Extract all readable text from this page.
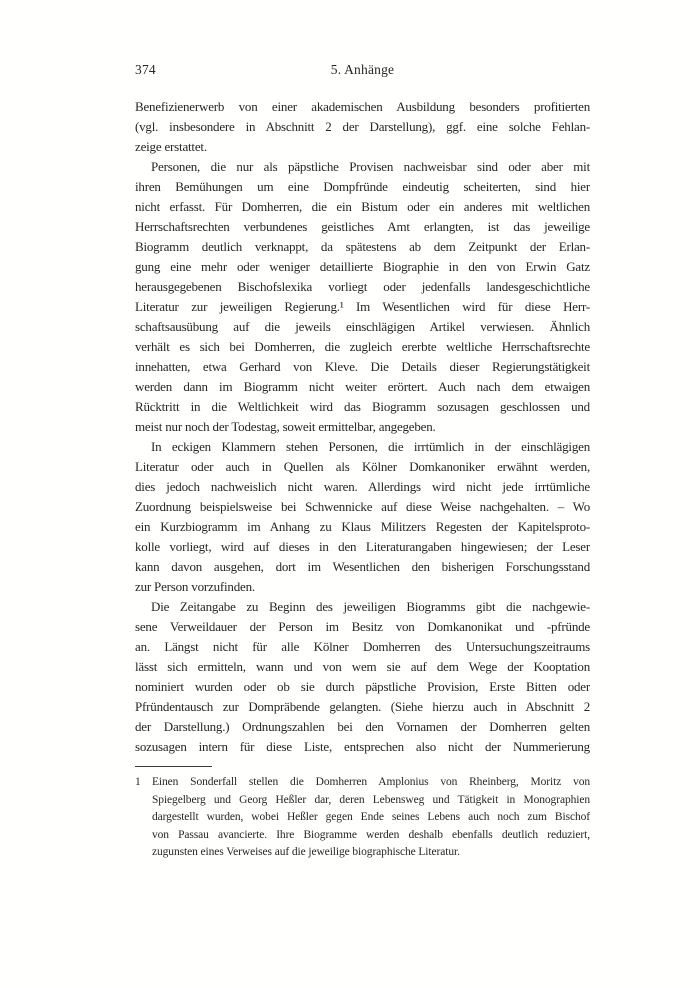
374	5. Anhänge
Benefizienerwerb von einer akademischen Ausbildung besonders profitierten
(vgl. insbesondere in Abschnitt 2 der Darstellung), ggf. eine solche Fehlan-
zeige erstattet.
Personen, die nur als päpstliche Provisen nachweisbar sind oder aber mit
ihren Bemühungen um eine Dompfründe eindeutig scheiterten, sind hier
nicht erfasst. Für Domherren, die ein Bistum oder ein anderes mit weltlichen
Herrschaftsrechten verbundenes geistliches Amt erlangten, ist das jeweilige
Biogramm deutlich verknappt, da spätestens ab dem Zeitpunkt der Erlan-
gung eine mehr oder weniger detaillierte Biographie in den von Erwin Gatz
herausgegebenen Bischofslexika vorliegt oder jedenfalls landesgeschichtliche
Literatur zur jeweiligen Regierung.¹ Im Wesentlichen wird für diese Herr-
schaftsausübung auf die jeweils einschlägigen Artikel verwiesen. Ähnlich
verhält es sich bei Domherren, die zugleich ererbte weltliche Herrschaftsrechte
innehatten, etwa Gerhard von Kleve. Die Details dieser Regierungstätigkeit
werden dann im Biogramm nicht weiter erörtert. Auch nach dem etwaigen
Rücktritt in die Weltlichkeit wird das Biogramm sozusagen geschlossen und
meist nur noch der Todestag, soweit ermittelbar, angegeben.
In eckigen Klammern stehen Personen, die irrtümlich in der einschlägigen
Literatur oder auch in Quellen als Kölner Domkanoniker erwähnt werden,
dies jedoch nachweislich nicht waren. Allerdings wird nicht jede irrtümliche
Zuordnung beispielsweise bei Schwennicke auf diese Weise nachgehalten. – Wo
ein Kurzbiogramm im Anhang zu Klaus Militzers Regesten der Kapitelsproto-
kolle vorliegt, wird auf dieses in den Literaturangaben hingewiesen; der Leser
kann davon ausgehen, dort im Wesentlichen den bisherigen Forschungsstand
zur Person vorzufinden.
Die Zeitangabe zu Beginn des jeweiligen Biogramms gibt die nachgewie-
sene Verweildauer der Person im Besitz von Domkanonikat und -pfründe
an. Längst nicht für alle Kölner Domherren des Untersuchungszeitraums
lässt sich ermitteln, wann und von wem sie auf dem Wege der Kooptation
nominiert wurden oder ob sie durch päpstliche Provision, Erste Bitten oder
Pfründentausch zur Dompräbende gelangten. (Siehe hierzu auch in Abschnitt 2
der Darstellung.) Ordnungszahlen bei den Vornamen der Domherren gelten
sozusagen intern für diese Liste, entsprechen also nicht der Nummerierung
1 Einen Sonderfall stellen die Domherren Amplonius von Rheinberg, Moritz von
Spiegelberg und Georg Heßler dar, deren Lebensweg und Tätigkeit in Monographien
dargestellt wurden, wobei Heßler gegen Ende seines Lebens auch noch zum Bischof
von Passau avancierte. Ihre Biogramme werden deshalb ebenfalls deutlich reduziert,
zugunsten eines Verweises auf die jeweilige biographische Literatur.
